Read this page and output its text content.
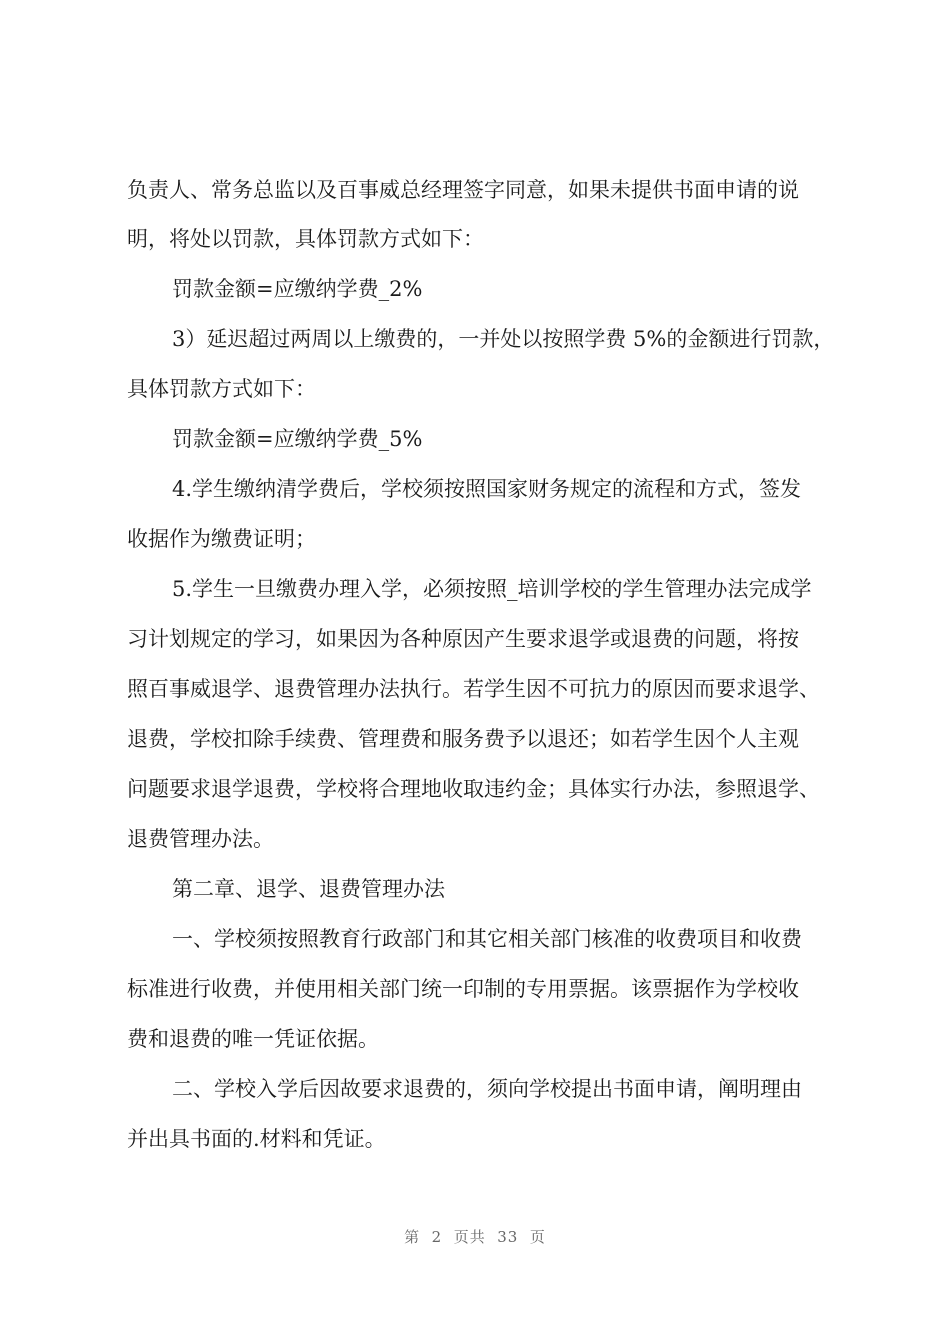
负责人、常务总监以及百事威总经理签字同意，如果未提供书面申请的说
明，将处以罚款，具体罚款方式如下：
罚款金额=应缴纳学费_2%
3）延迟超过两周以上缴费的，一并处以按照学费 5%的金额进行罚款，
具体罚款方式如下：
罚款金额=应缴纳学费_5%
4.学生缴纳清学费后，学校须按照国家财务规定的流程和方式，签发
收据作为缴费证明；
5.学生一旦缴费办理入学，必须按照_培训学校的学生管理办法完成学
习计划规定的学习，如果因为各种原因产生要求退学或退费的问题，将按
照百事威退学、退费管理办法执行。若学生因不可抗力的原因而要求退学、
退费，学校扣除手续费、管理费和服务费予以退还；如若学生因个人主观
问题要求退学退费，学校将合理地收取违约金；具体实行办法，参照退学、
退费管理办法。
第二章、退学、退费管理办法
一、学校须按照教育行政部门和其它相关部门核准的收费项目和收费
标准进行收费，并使用相关部门统一印制的专用票据。该票据作为学校收
费和退费的唯一凭证依据。
二、学校入学后因故要求退费的，须向学校提出书面申请，阐明理由
并出具书面的.材料和凭证。
第  2  页共  33  页
